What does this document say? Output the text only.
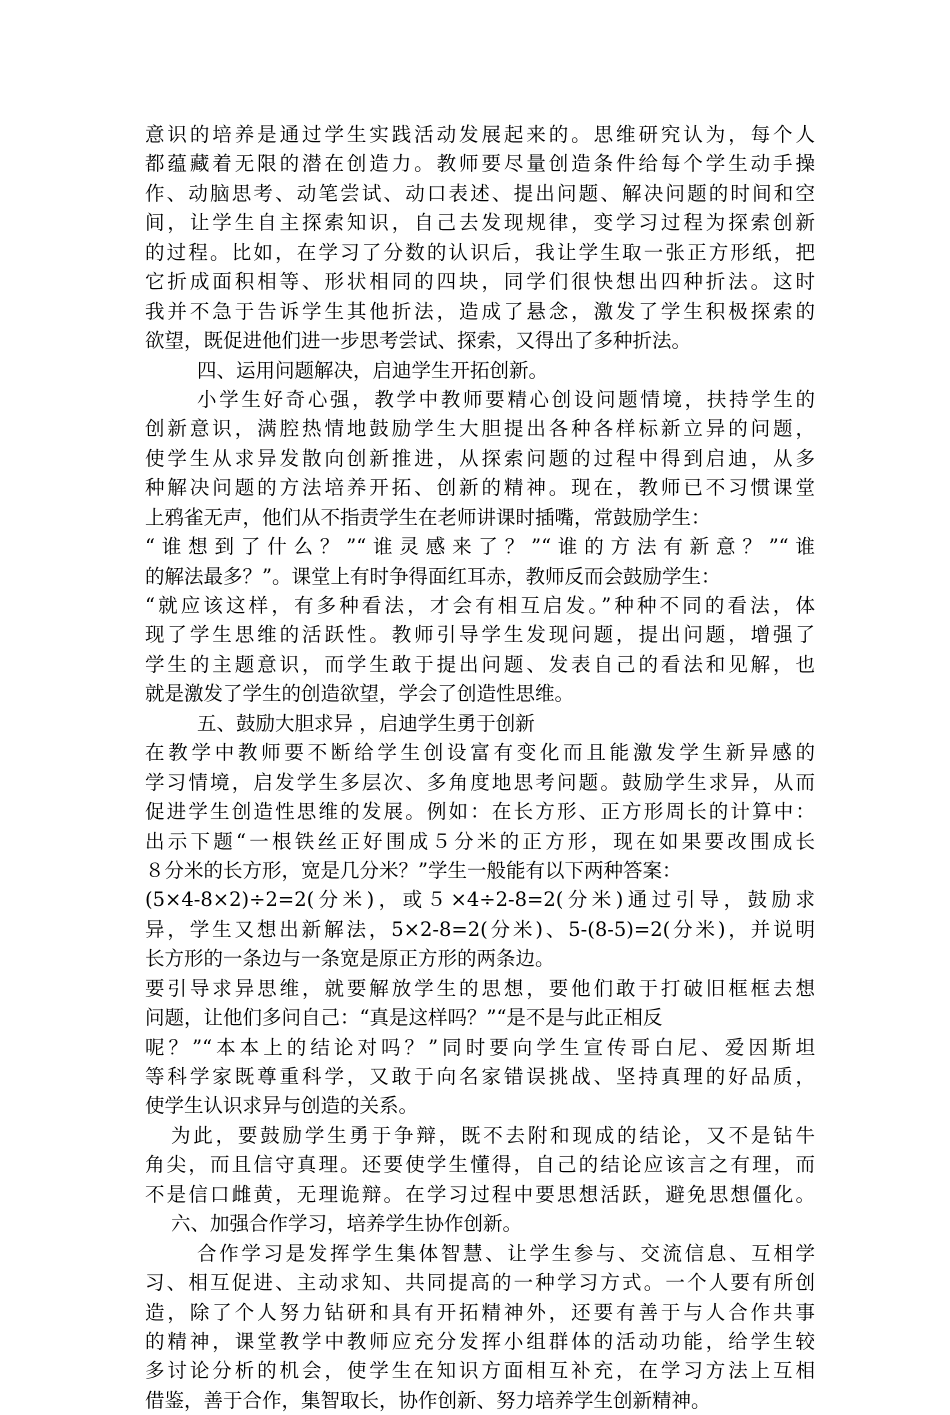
意识的培养是通过学生实践活动发展起来的。思维研究认为，每个人
都蕴藏着无限的潜在创造力。教师要尽量创造条件给每个学生动手操
作、动脑思考、动笔尝试、动口表述、提出问题、解决问题的时间和空
间，让学生自主探索知识，自己去发现规律，变学习过程为探索创新
的过程。比如，在学习了分数的认识后，我让学生取一张正方形纸，把
它折成面积相等、形状相同的四块，同学们很快想出四种折法。这时
我并不急于告诉学生其他折法，造成了悬念，激发了学生积极探索的
欲望，既促进他们进一步思考尝试、探索，又得出了多种折法。
四、运用问题解决，启迪学生开拓创新。
小学生好奇心强，教学中教师要精心创设问题情境，扶持学生的
创新意识，满腔热情地鼓励学生大胆提出各种各样标新立异的问题，
使学生从求异发散向创新推进，从探索问题的过程中得到启迪，从多
种解决问题的方法培养开拓、创新的精神。现在，教师已不习惯课堂
上鸦雀无声，他们从不指责学生在老师讲课时插嘴，常鼓励学生：
“谁想到了什么？”“谁灵感来了？”“谁的方法有新意？”“谁
的解法最多？”。课堂上有时争得面红耳赤，教师反而会鼓励学生：
“就应该这样，有多种看法，才会有相互启发。”种种不同的看法，体
现了学生思维的活跃性。教师引导学生发现问题，提出问题，增强了
学生的主题意识，而学生敢于提出问题、发表自己的看法和见解，也
就是激发了学生的创造欲望，学会了创造性思维。
五、鼓励大胆求异 ，启迪学生勇于创新
在教学中教师要不断给学生创设富有变化而且能激发学生新异感的
学习情境，启发学生多层次、多角度地思考问题。鼓励学生求异，从而
促进学生创造性思维的发展。例如：在长方形、正方形周长的计算中：
出示下题“一根铁丝正好围成５分米的正方形，现在如果要改围成长
８分米的长方形，宽是几分米？”学生一般能有以下两种答案：
(5×4-8×2)÷2=2(分米)，或５×4÷2-8=2(分米)通过引导，鼓励求
异，学生又想出新解法，5×2-8=2(分米)、5-(8-5)=2(分米)，并说明
长方形的一条边与一条宽是原正方形的两条边。
要引导求异思维，就要解放学生的思想，要他们敢于打破旧框框去想
问题，让他们多问自己：“真是这样吗？”“是不是与此正相反
呢？”“本本上的结论对吗？”同时要向学生宣传哥白尼、爱因斯坦
等科学家既尊重科学，又敢于向名家错误挑战、坚持真理的好品质，
使学生认识求异与创造的关系。
为此，要鼓励学生勇于争辩，既不去附和现成的结论，又不是钻牛
角尖，而且信守真理。还要使学生懂得，自己的结论应该言之有理，而
不是信口雌黄，无理诡辩。在学习过程中要思想活跃，避免思想僵化。
六、加强合作学习，培养学生协作创新。
合作学习是发挥学生集体智慧、让学生参与、交流信息、互相学
习、相互促进、主动求知、共同提高的一种学习方式。一个人要有所创
造，除了个人努力钻研和具有开拓精神外，还要有善于与人合作共事
的精神，课堂教学中教师应充分发挥小组群体的活动功能，给学生较
多讨论分析的机会，使学生在知识方面相互补充，在学习方法上互相
借鉴，善于合作，集智取长，协作创新、努力培养学生创新精神。
